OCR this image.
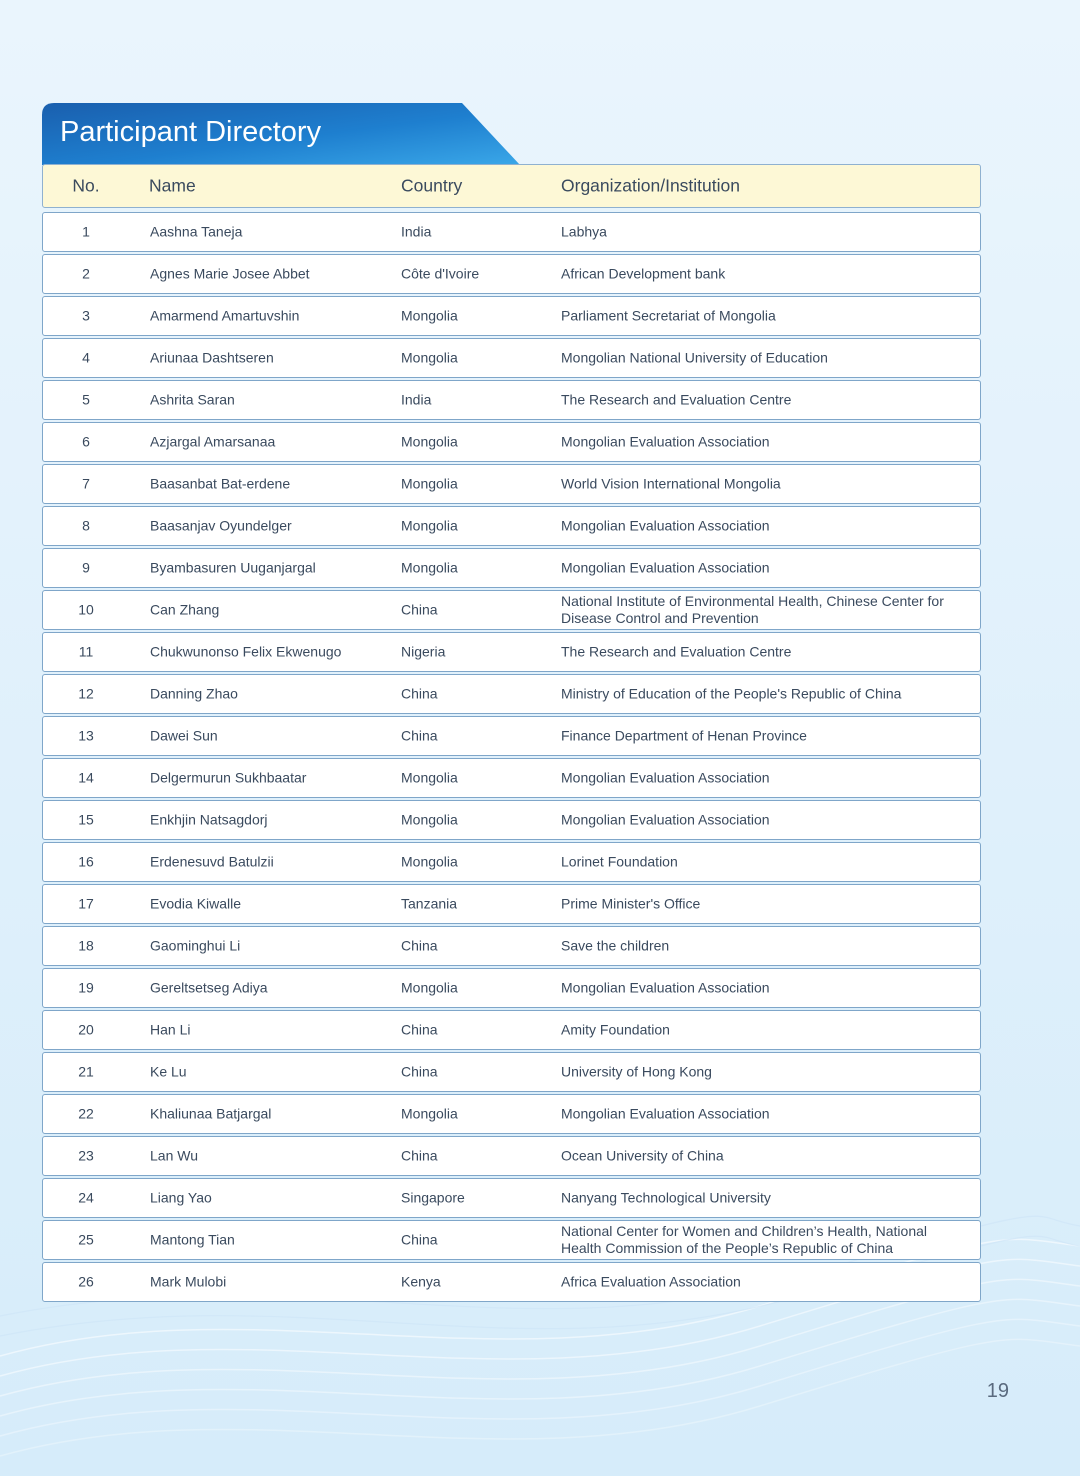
Participant Directory
No.	Name	Country	Organization/Institution
1	Aashna Taneja	India	Labhya
2	Agnes Marie Josee Abbet	Côte d'Ivoire	African Development bank
3	Amarmend Amartuvshin	Mongolia	Parliament Secretariat of Mongolia
4	Ariunaa Dashtseren	Mongolia	Mongolian National University of Education
5	Ashrita Saran	India	The Research and Evaluation Centre
6	Azjargal Amarsanaa	Mongolia	Mongolian Evaluation Association
7	Baasanbat Bat-erdene	Mongolia	World Vision International Mongolia
8	Baasanjav Oyundelger	Mongolia	Mongolian Evaluation Association
9	Byambasuren Uuganjargal	Mongolia	Mongolian Evaluation Association
10	Can Zhang	China
National Institute of Environmental Health, Chinese Center for Disease Control and Prevention
11	Chukwunonso Felix Ekwenugo	Nigeria	The Research and Evaluation Centre
12	Danning Zhao	China	Ministry of Education of the People's Republic of China
13	Dawei Sun	China	Finance Department of Henan Province
14	Delgermurun Sukhbaatar	Mongolia	Mongolian Evaluation Association
15	Enkhjin Natsagdorj	Mongolia	Mongolian Evaluation Association
16	Erdenesuvd Batulzii	Mongolia	Lorinet Foundation
17	Evodia Kiwalle	Tanzania	Prime Minister's Office
18	Gaominghui Li	China	Save the children
19	Gereltsetseg Adiya	Mongolia	Mongolian Evaluation Association
20	Han Li	China	Amity Foundation
21	Ke Lu	China	University of Hong Kong
22	Khaliunaa Batjargal	Mongolia	Mongolian Evaluation Association
23	Lan Wu	China	Ocean University of China
24	Liang Yao	Singapore	Nanyang Technological University
25	Mantong Tian	China
National Center for Women and Children’s Health, National Health Commission of the People’s Republic of China
26	Mark Mulobi	Kenya	Africa Evaluation Association
19
